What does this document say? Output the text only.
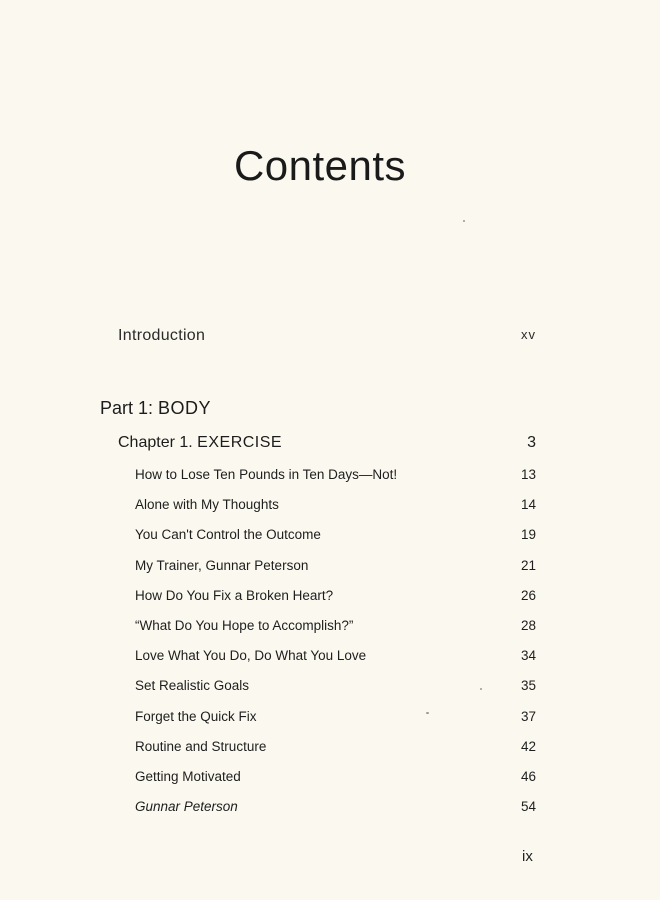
Contents
Introduction	xv
Part 1: BODY
Chapter 1. EXERCISE	3
How to Lose Ten Pounds in Ten Days—Not!	13
Alone with My Thoughts	14
You Can't Control the Outcome	19
My Trainer, Gunnar Peterson	21
How Do You Fix a Broken Heart?	26
“What Do You Hope to Accomplish?”	28
Love What You Do, Do What You Love	34
Set Realistic Goals	35
Forget the Quick Fix	37
Routine and Structure	42
Getting Motivated	46
Gunnar Peterson	54
ix
